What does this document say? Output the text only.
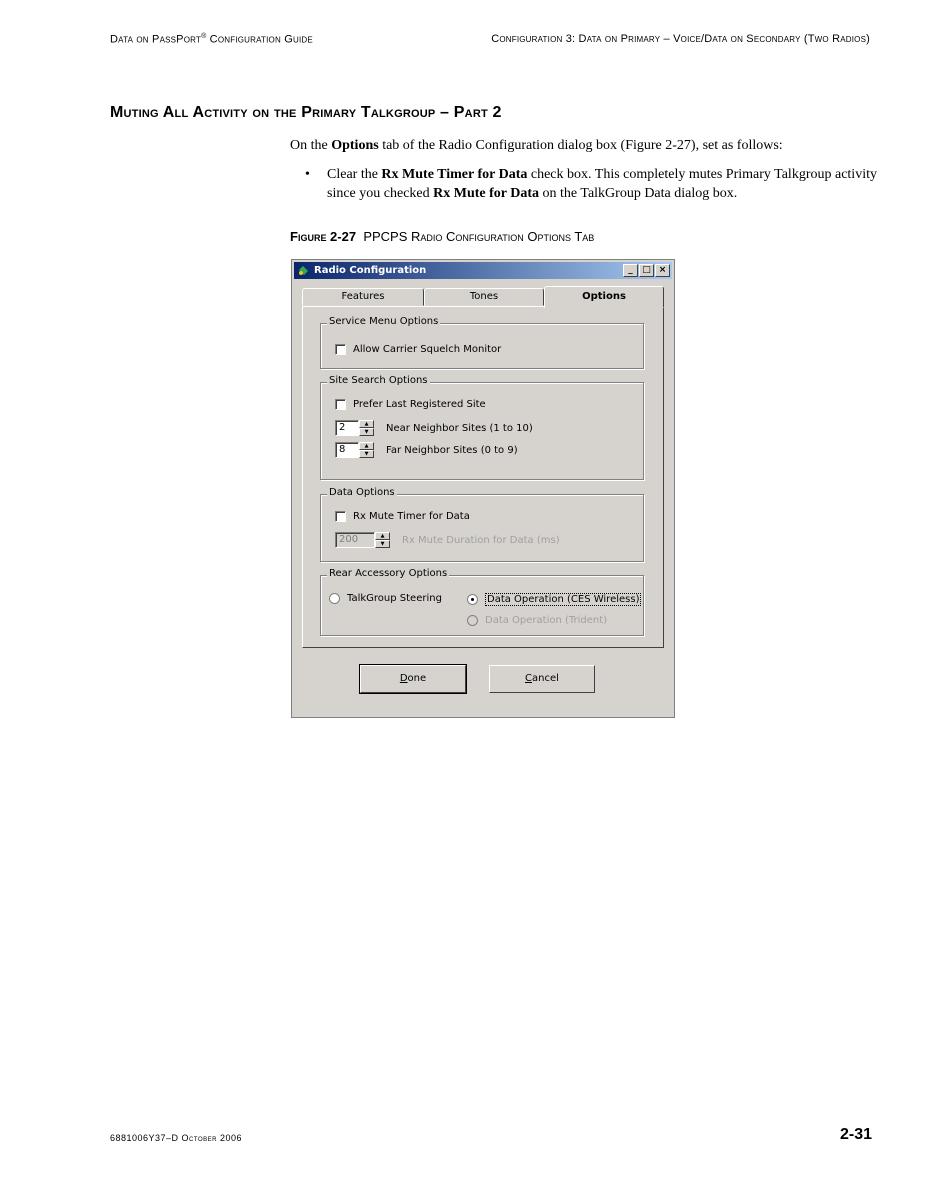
Data on PassPort® Configuration Guide	Configuration 3: Data on Primary – Voice/Data on Secondary (Two Radios)
Muting All Activity on the Primary Talkgroup – Part 2
On the Options tab of the Radio Configuration dialog box (Figure 2-27), set as follows:
• Clear the Rx Mute Timer for Data check box. This completely mutes Primary Talkgroup activity since you checked Rx Mute for Data on the TalkGroup Data dialog box.
Figure 2-27 PPCPS Radio Configuration Options Tab
Radio Configuration	_	□ ×
Features	Tones	Options
Service Menu Options
Allow Carrier Squelch Monitor
Site Search Options
Prefer Last Registered Site
2	▲
▼	Near Neighbor Sites (1 to 10)
8	▲
▼	Far Neighbor Sites (0 to 9)
Data Options
Rx Mute Timer for Data
200	▲
▼	Rx Mute Duration for Data (ms)
Rear Accessory Options
TalkGroup Steering	Data Operation (CES Wireless)
Data Operation (Trident)
Done	Cancel
6881006Y37–D October 2006	2-31
